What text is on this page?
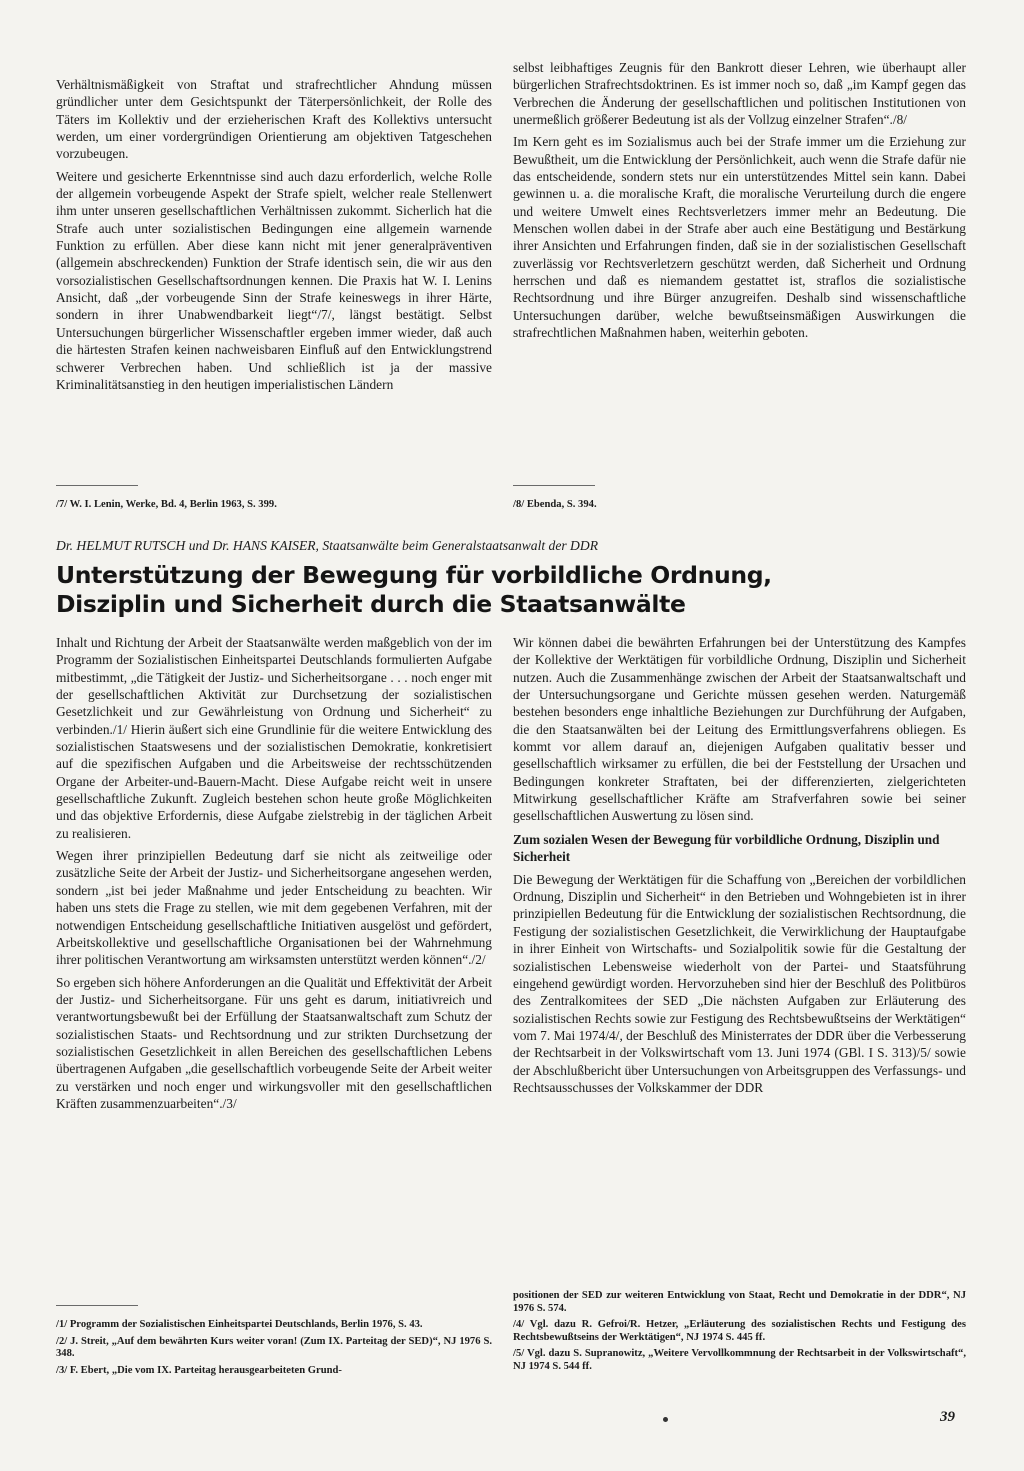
Verhältnismäßigkeit von Straftat und strafrechtlicher Ahndung müssen gründlicher unter dem Gesichtspunkt der Täterpersönlichkeit, der Rolle des Täters im Kollektiv und der erzieherischen Kraft des Kollektivs untersucht werden, um einer vordergründigen Orientierung am objektiven Tatgeschehen vorzubeugen.

Weitere und gesicherte Erkenntnisse sind auch dazu erforderlich, welche Rolle der allgemein vorbeugende Aspekt der Strafe spielt, welcher reale Stellenwert ihm unter unseren gesellschaftlichen Verhältnissen zukommt. Sicherlich hat die Strafe auch unter sozialistischen Bedingungen eine allgemein warnende Funktion zu erfüllen. Aber diese kann nicht mit jener generalpräventiven (allgemein abschreckenden) Funktion der Strafe identisch sein, die wir aus den vorsozialistischen Gesellschaftsordnungen kennen. Die Praxis hat W. I. Lenins Ansicht, daß „der vorbeugende Sinn der Strafe keineswegs in ihrer Härte, sondern in ihrer Unabwendbarkeit liegt“/7/, längst bestätigt. Selbst Untersuchungen bürgerlicher Wissenschaftler ergeben immer wieder, daß auch die härtesten Strafen keinen nachweisbaren Einfluß auf den Entwicklungstrend schwerer Verbrechen haben. Und schließlich ist ja der massive Kriminalitätsanstieg in den heutigen imperialistischen Ländern

selbst leibhaftiges Zeugnis für den Bankrott dieser Lehren, wie überhaupt aller bürgerlichen Strafrechtsdoktrinen. Es ist immer noch so, daß „im Kampf gegen das Verbrechen die Änderung der gesellschaftlichen und politischen Institutionen von unermeßlich größerer Bedeutung ist als der Vollzug einzelner Strafen“./8/

Im Kern geht es im Sozialismus auch bei der Strafe immer um die Erziehung zur Bewußtheit, um die Entwicklung der Persönlichkeit, auch wenn die Strafe dafür nie das entscheidende, sondern stets nur ein unterstützendes Mittel sein kann. Dabei gewinnen u. a. die moralische Kraft, die moralische Verurteilung durch die engere und weitere Umwelt eines Rechtsverletzers immer mehr an Bedeutung. Die Menschen wollen dabei in der Strafe aber auch eine Bestätigung und Bestärkung ihrer Ansichten und Erfahrungen finden, daß sie in der sozialistischen Gesellschaft zuverlässig vor Rechtsverletzern geschützt werden, daß Sicherheit und Ordnung herrschen und daß es niemandem gestattet ist, straflos die sozialistische Rechtsordnung und ihre Bürger anzugreifen. Deshalb sind wissenschaftliche Untersuchungen darüber, welche bewußtseinsmäßigen Auswirkungen die strafrechtlichen Maßnahmen haben, weiterhin geboten.

/7/ W. I. Lenin, Werke, Bd. 4, Berlin 1963, S. 399.	/8/ Ebenda, S. 394.
Dr. HELMUT RUTSCH und Dr. HANS KAISER, Staatsanwälte beim Generalstaatsanwalt der DDR
Unterstützung der Bewegung für vorbildliche Ordnung,
Disziplin und Sicherheit durch die Staatsanwälte

Inhalt und Richtung der Arbeit der Staatsanwälte werden maßgeblich von der im Programm der Sozialistischen Einheitspartei Deutschlands formulierten Aufgabe mitbestimmt, „die Tätigkeit der Justiz- und Sicherheitsorgane . . . noch enger mit der gesellschaftlichen Aktivität zur Durchsetzung der sozialistischen Gesetzlichkeit und zur Gewährleistung von Ordnung und Sicherheit“ zu verbinden./1/ Hierin äußert sich eine Grundlinie für die weitere Entwicklung des sozialistischen Staatswesens und der sozialistischen Demokratie, konkretisiert auf die spezifischen Aufgaben und die Arbeitsweise der rechtsschützenden Organe der Arbeiter-und-Bauern-Macht. Diese Aufgabe reicht weit in unsere gesellschaftliche Zukunft. Zugleich bestehen schon heute große Möglichkeiten und das objektive Erfordernis, diese Aufgabe zielstrebig in der täglichen Arbeit zu realisieren.

Wegen ihrer prinzipiellen Bedeutung darf sie nicht als zeitweilige oder zusätzliche Seite der Arbeit der Justiz- und Sicherheitsorgane angesehen werden, sondern „ist bei jeder Maßnahme und jeder Entscheidung zu beachten. Wir haben uns stets die Frage zu stellen, wie mit dem gegebenen Verfahren, mit der notwendigen Entscheidung gesellschaftliche Initiativen ausgelöst und gefördert, Arbeitskollektive und gesellschaftliche Organisationen bei der Wahrnehmung ihrer politischen Verantwortung am wirksamsten unterstützt werden können“./2/

So ergeben sich höhere Anforderungen an die Qualität und Effektivität der Arbeit der Justiz- und Sicherheitsorgane. Für uns geht es darum, initiativreich und verantwortungsbewußt bei der Erfüllung der Staatsanwaltschaft zum Schutz der sozialistischen Staats- und Rechtsordnung und zur strikten Durchsetzung der sozialistischen Gesetzlichkeit in allen Bereichen des gesellschaftlichen Lebens übertragenen Aufgaben „die gesellschaftlich vorbeugende Seite der Arbeit weiter zu verstärken und noch enger und wirkungsvoller mit den gesellschaftlichen Kräften zusammenzuarbeiten“./3/

Wir können dabei die bewährten Erfahrungen bei der Unterstützung des Kampfes der Kollektive der Werktätigen für vorbildliche Ordnung, Disziplin und Sicherheit nutzen. Auch die Zusammenhänge zwischen der Arbeit der Staatsanwaltschaft und der Untersuchungsorgane und Gerichte müssen gesehen werden. Naturgemäß bestehen besonders enge inhaltliche Beziehungen zur Durchführung der Aufgaben, die den Staatsanwälten bei der Leitung des Ermittlungsverfahrens obliegen. Es kommt vor allem darauf an, diejenigen Aufgaben qualitativ besser und gesellschaftlich wirksamer zu erfüllen, die bei der Feststellung der Ursachen und Bedingungen konkreter Straftaten, bei der differenzierten, zielgerichteten Mitwirkung gesellschaftlicher Kräfte am Strafverfahren sowie bei seiner gesellschaftlichen Auswertung zu lösen sind.

Zum sozialen Wesen der Bewegung für vorbildliche Ordnung, Disziplin und Sicherheit

Die Bewegung der Werktätigen für die Schaffung von „Bereichen der vorbildlichen Ordnung, Disziplin und Sicherheit“ in den Betrieben und Wohngebieten ist in ihrer prinzipiellen Bedeutung für die Entwicklung der sozialistischen Rechtsordnung, die Festigung der sozialistischen Gesetzlichkeit, die Verwirklichung der Hauptaufgabe in ihrer Einheit von Wirtschafts- und Sozialpolitik sowie für die Gestaltung der sozialistischen Lebensweise wiederholt von der Partei- und Staatsführung eingehend gewürdigt worden. Hervorzuheben sind hier der Beschluß des Politbüros des Zentralkomitees der SED „Die nächsten Aufgaben zur Erläuterung des sozialistischen Rechts sowie zur Festigung des Rechtsbewußtseins der Werktätigen“ vom 7. Mai 1974/4/, der Beschluß des Ministerrates der DDR über die Verbesserung der Rechtsarbeit in der Volkswirtschaft vom 13. Juni 1974 (GBl. I S. 313)/5/ sowie der Abschlußbericht über Untersuchungen von Arbeitsgruppen des Verfassungs- und Rechtsausschusses der Volkskammer der DDR

/1/ Programm der Sozialistischen Einheitspartei Deutschlands, Berlin 1976, S. 43.

/2/ J. Streit, „Auf dem bewährten Kurs weiter voran! (Zum IX. Parteitag der SED)“, NJ 1976 S. 348.

/3/ F. Ebert, „Die vom IX. Parteitag herausgearbeiteten Grund-

positionen der SED zur weiteren Entwicklung von Staat, Recht und Demokratie in der DDR“, NJ 1976 S. 574.

/4/ Vgl. dazu R. Gefroi/R. Hetzer, „Erläuterung des sozialistischen Rechts und Festigung des Rechtsbewußtseins der Werktätigen“, NJ 1974 S. 445 ff.

/5/ Vgl. dazu S. Supranowitz, „Weitere Vervollkommnung der Rechtsarbeit in der Volkswirtschaft“, NJ 1974 S. 544 ff.

39
